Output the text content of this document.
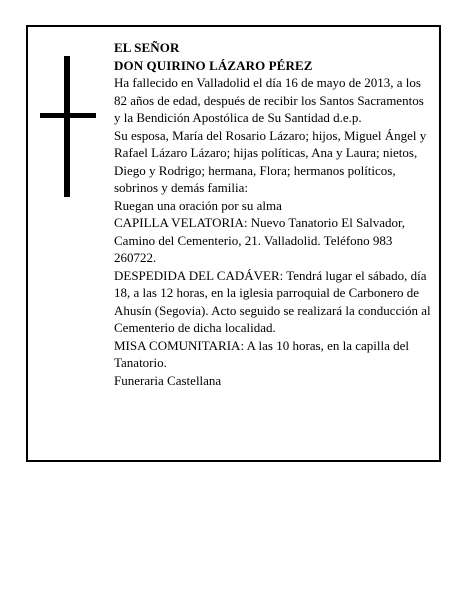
EL SEÑOR

DON QUIRINO LÁZARO PÉREZ

Ha fallecido en Valladolid el día 16 de mayo de 2013, a los 82 años de edad, después de recibir los Santos Sacramentos y la Bendición Apostólica de Su Santidad d.e.p.

Su esposa, María del Rosario Lázaro; hijos, Miguel Ángel y Rafael Lázaro Lázaro; hijas políticas, Ana y Laura; nietos, Diego y Rodrigo; hermana, Flora; hermanos políticos, sobrinos y demás familia:

Ruegan una oración por su alma

CAPILLA VELATORIA: Nuevo Tanatorio El Salvador, Camino del Cementerio, 21. Valladolid. Teléfono 983 260722.

DESPEDIDA DEL CADÁVER: Tendrá lugar el sábado, día 18, a las 12 horas, en la iglesia parroquial de Carbonero de Ahusín (Segovia). Acto seguido se realizará la conducción al Cementerio de dicha localidad.

MISA COMUNITARIA: A las 10 horas, en la capilla del Tanatorio.

Funeraria Castellana
